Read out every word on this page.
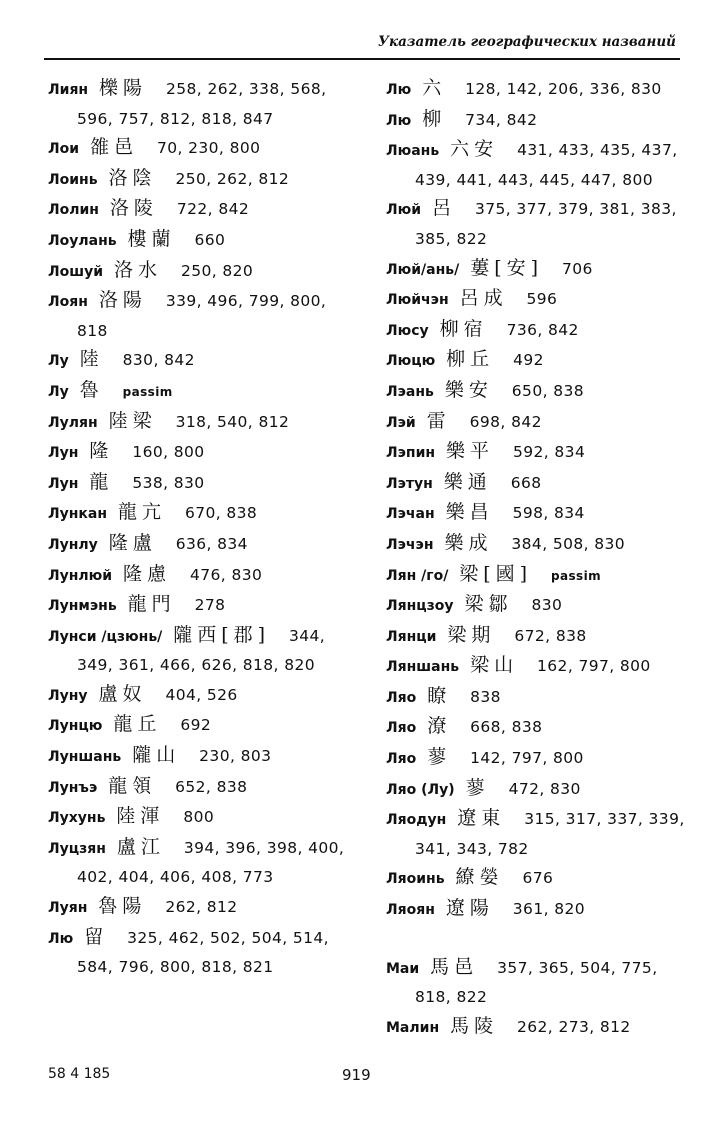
Указатель географических названий
Лиян 櫟陽 258, 262, 338, 568, 596, 757, 812, 818, 847
Лои 雒邑 70, 230, 800
Лоинь 洛陰 250, 262, 812
Лолин 洛陵 722, 842
Лоулань 樓蘭 660
Лошуй 洛水 250, 820
Лоян 洛陽 339, 496, 799, 800, 818
Лу 陸 830, 842
Лу 魯 passim
Лулян 陸梁 318, 540, 812
Лун 隆 160, 800
Лун 龍 538, 830
Лункан 龍亢 670, 838
Лунлу 隆盧 636, 834
Лунлюй 隆慮 476, 830
Лунмэнь 龍門 278
Лунси /цзюнь/ 隴西[郡] 344, 349, 361, 466, 626, 818, 820
Луну 盧奴 404, 526
Лунцю 龍丘 692
Луншань 隴山 230, 803
Лунъэ 龍領 652, 838
Лухунь 陸渾 800
Луцзян 盧江 394, 396, 398, 400, 402, 404, 406, 408, 773
Луян 魯陽 262, 812
Лю 留 325, 462, 502, 504, 514, 584, 796, 800, 818, 821
Лю 六 128, 142, 206, 336, 830
Лю 柳 734, 842
Люань 六安 431, 433, 435, 437, 439, 441, 443, 445, 447, 800
Люй 呂 375, 377, 379, 381, 383, 385, 822
Люй/ань/ 蔞[安] 706
Люйчэн 呂成 596
Люсу 柳宿 736, 842
Люцю 柳丘 492
Лэань 樂安 650, 838
Лэй 雷 698, 842
Лэпин 樂平 592, 834
Лэтун 樂通 668
Лэчан 樂昌 598, 834
Лэчэн 樂成 384, 508, 830
Лян /го/ 梁[國] passim
Лянцзоу 梁鄒 830
Лянци 梁期 672, 838
Ляншань 梁山 162, 797, 800
Ляо 瞭 838
Ляо 潦 668, 838
Ляо 蓼 142, 797, 800
Ляо (Лу) 蓼 472, 830
Ляодун 遼東 315, 317, 337, 339, 341, 343, 782
Ляоинь 繚嫈 676
Ляоян 遼陽 361, 820
Маи 馬邑 357, 365, 504, 775, 818, 822
Малин 馬陵 262, 273, 812
58 4 185	919
